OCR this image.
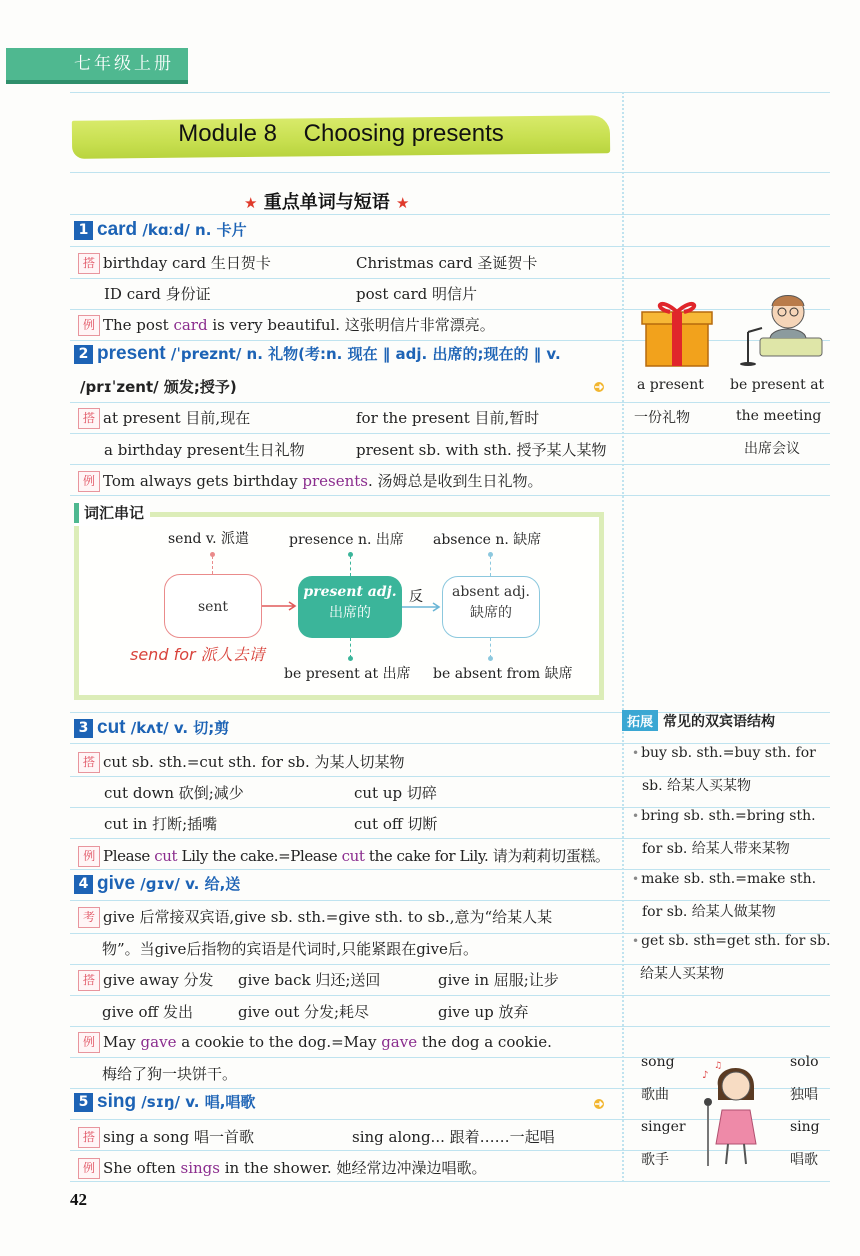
七年级上册
Module 8    Choosing presents
★ 重点单词与短语 ★
1 card /kɑːd/ n. 卡片
搭 birthday card 生日贺卡	Christmas card 圣诞贺卡
ID card 身份证	post card 明信片
例 The post card is very beautiful. 这张明信片非常漂亮。
2 present /ˈpreznt/ n. 礼物(考:n. 现在 ‖ adj. 出席的;现在的 ‖ v.
/prɪˈzent/ 颁发;授予)
搭 at present 目前,现在	for the present 目前,暂时
a birthday present生日礼物	present sb. with sth. 授予某人某物
例 Tom always gets birthday presents. 汤姆总是收到生日礼物。
词汇串记
send v. 派遣	presence n. 出席 absence n. 缺席
sent
present adj.
出席的
反	absent adj.
缺席的
send for 派人去请
be present at 出席 be absent from 缺席
3 cut /kʌt/ v. 切;剪
搭 cut sb. sth.=cut sth. for sb. 为某人切某物
cut down 砍倒;减少	cut up 切碎
cut in 打断;插嘴	cut off 切断
例 Please cut Lily the cake.=Please cut the cake for Lily. 请为莉莉切蛋糕。
4 give /ɡɪv/ v. 给,送
考 give 后常接双宾语,give sb. sth.=give sth. to sb.,意为“给某人某
物”。当give后指物的宾语是代词时,只能紧跟在give后。
搭 give away 分发 give back 归还;送回	give in 屈服;让步
give off 发出	give out 分发;耗尽	give up 放弃
例 May gave a cookie to the dog.=May gave the dog a cookie.
梅给了狗一块饼干。
5 sing /sɪŋ/ v. 唱,唱歌
搭 sing a song 唱一首歌	sing along... 跟着……一起唱
例 She often sings in the shower. 她经常边冲澡边唱歌。
a present
一份礼物
be present at
the meeting
出席会议
拓展 常见的双宾语结构
• buy sb. sth.=buy sth. for
sb. 给某人买某物
• bring sb. sth.=bring sth.
for sb. 给某人带来某物
• make sb. sth.=make sth.
for sb. 给某人做某物
• get sb. sth=get sth. for sb.
给某人买某物
♪
♫
song
歌曲
solo
独唱
singer
歌手
sing
唱歌
42
